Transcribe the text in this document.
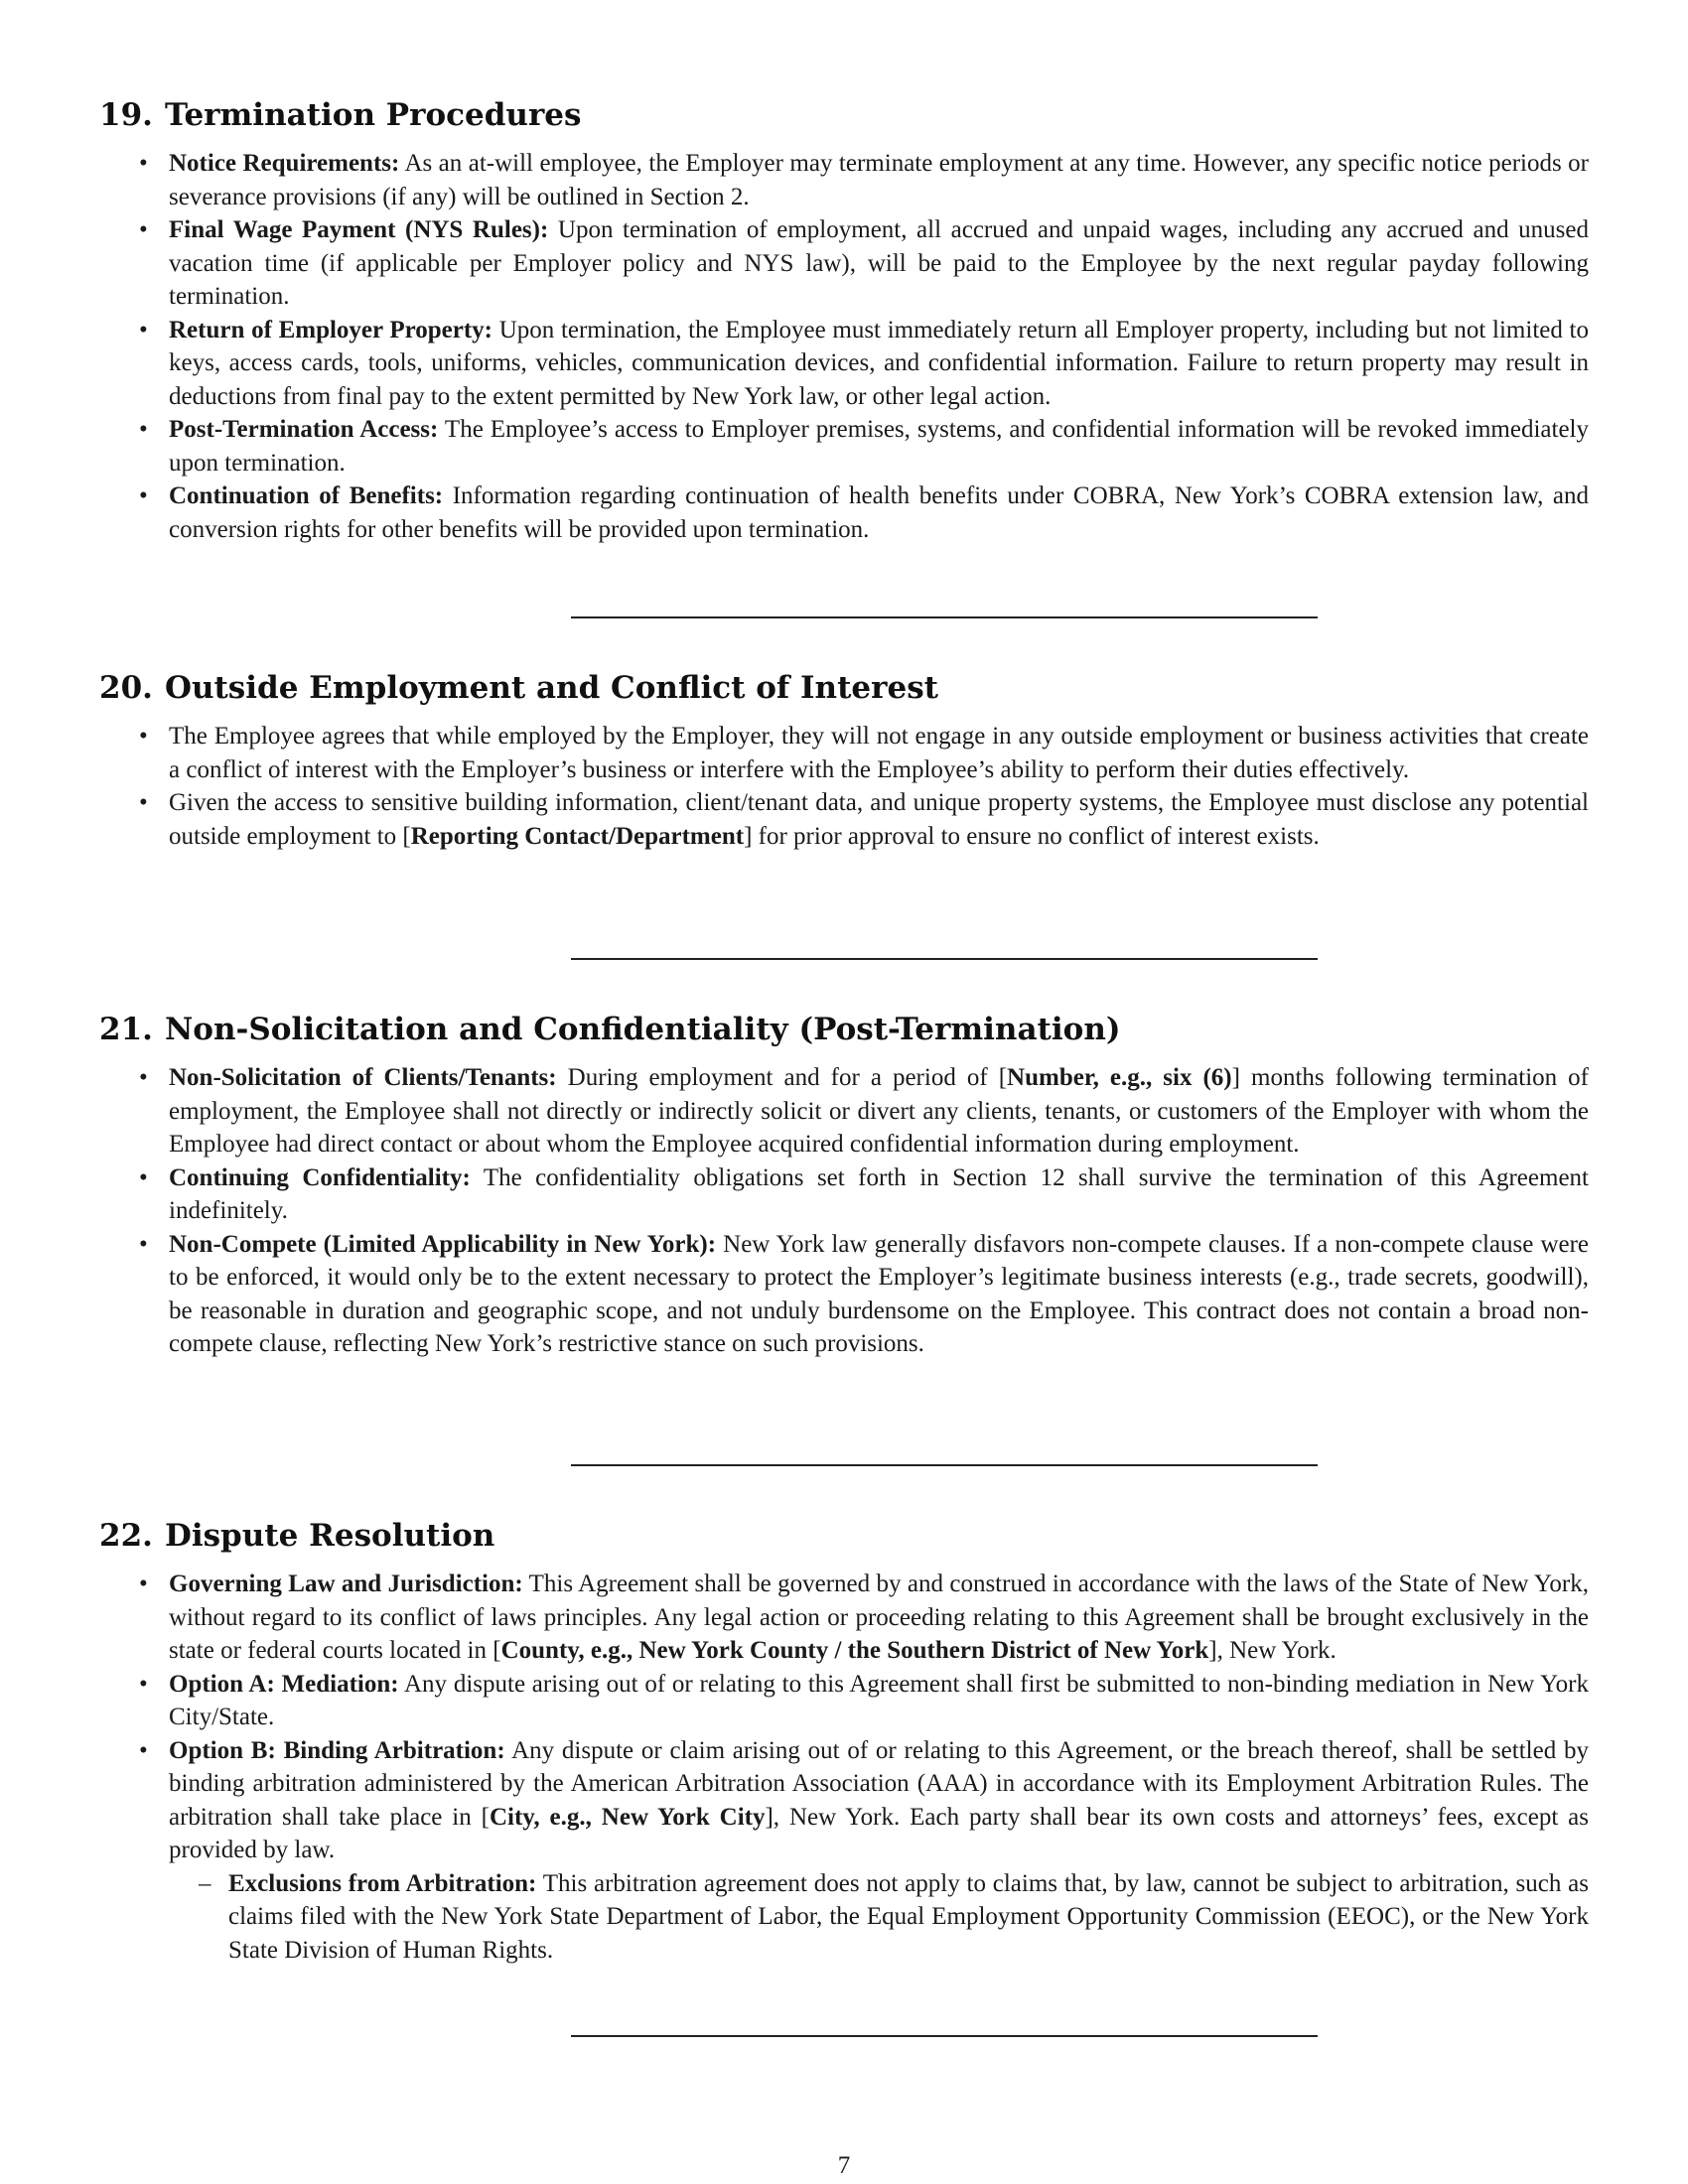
19. Termination Procedures
• Notice Requirements: As an at-will employee, the Employer may terminate employment at any time. However, any specific notice periods or severance provisions (if any) will be outlined in Section 2.
• Final Wage Payment (NYS Rules): Upon termination of employment, all accrued and unpaid wages, including any accrued and unused vacation time (if applicable per Employer policy and NYS law), will be paid to the Employee by the next regular payday following termination.
• Return of Employer Property: Upon termination, the Employee must immediately return all Employer property, including but not limited to keys, access cards, tools, uniforms, vehicles, communication devices, and confidential information. Failure to return property may result in deductions from final pay to the extent permitted by New York law, or other legal action.
• Post-Termination Access: The Employee’s access to Employer premises, systems, and confidential information will be revoked immediately upon termination.
• Continuation of Benefits: Information regarding continuation of health benefits under COBRA, New York’s COBRA extension law, and conversion rights for other benefits will be provided upon termination.
20. Outside Employment and Conflict of Interest
• The Employee agrees that while employed by the Employer, they will not engage in any outside employment or business activities that create a conflict of interest with the Employer’s business or interfere with the Employee’s ability to perform their duties effectively.
• Given the access to sensitive building information, client/tenant data, and unique property systems, the Employee must disclose any potential outside employment to [Reporting Contact/Department] for prior approval to ensure no conflict of interest exists.
21. Non-Solicitation and Confidentiality (Post-Termination)
• Non-Solicitation of Clients/Tenants: During employment and for a period of [Number, e.g., six (6)] months following termination of employment, the Employee shall not directly or indirectly solicit or divert any clients, tenants, or customers of the Employer with whom the Employee had direct contact or about whom the Employee acquired confidential information during employment.
• Continuing Confidentiality: The confidentiality obligations set forth in Section 12 shall survive the termination of this Agreement indefinitely.
• Non-Compete (Limited Applicability in New York): New York law generally disfavors non-compete clauses. If a non-compete clause were to be enforced, it would only be to the extent necessary to protect the Employer’s legitimate business interests (e.g., trade secrets, goodwill), be reasonable in duration and geographic scope, and not unduly burdensome on the Employee. This contract does not contain a broad non-compete clause, reflecting New York’s restrictive stance on such provisions.
22. Dispute Resolution
• Governing Law and Jurisdiction: This Agreement shall be governed by and construed in accordance with the laws of the State of New York, without regard to its conflict of laws principles. Any legal action or proceeding relating to this Agreement shall be brought exclusively in the state or federal courts located in [County, e.g., New York County / the Southern District of New York], New York.
• Option A: Mediation: Any dispute arising out of or relating to this Agreement shall first be submitted to non-binding mediation in New York City/State.
• Option B: Binding Arbitration: Any dispute or claim arising out of or relating to this Agreement, or the breach thereof, shall be settled by binding arbitration administered by the American Arbitration Association (AAA) in accordance with its Employment Arbitration Rules. The arbitration shall take place in [City, e.g., New York City], New York. Each party shall bear its own costs and attorneys’ fees, except as provided by law.
– Exclusions from Arbitration: This arbitration agreement does not apply to claims that, by law, cannot be subject to arbitration, such as claims filed with the New York State Department of Labor, the Equal Employment Opportunity Commission (EEOC), or the New York State Division of Human Rights.
7
